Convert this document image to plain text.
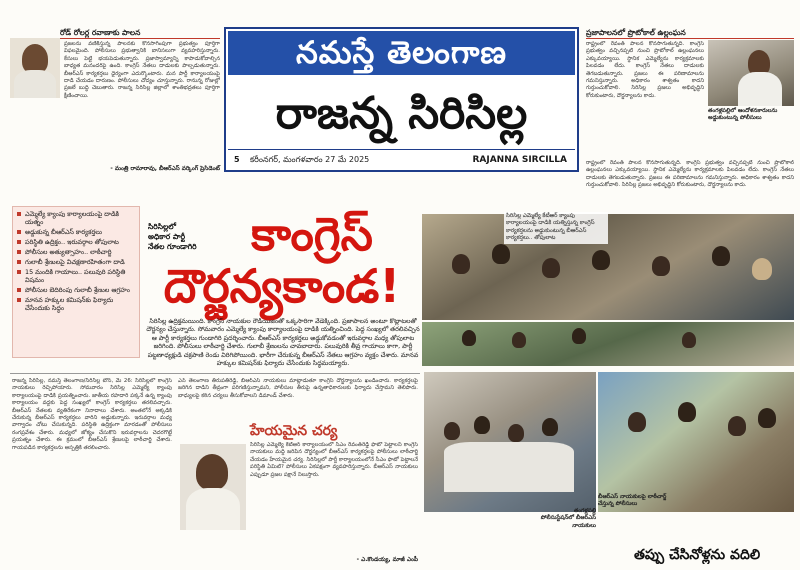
రోడ్ రోలర్ల రవాణాకు పాలన

ప్రజలను వణికిస్తున్న పాలనకు కొనసాగింపుగా ప్రభుత్వం పూర్తిగా విఫలమైంది. పోలీసులు ప్రభుత్వానికి బానిసలుగా వ్యవహరిస్తున్నారు. కేసులు పెట్టి భయపెడుతున్నారు. ప్రజాస్వామ్యాన్ని కాపాడుకోవాల్సిన బాధ్యత మనందరిపై ఉంది. కాంగ్రెస్ నేతలు దాడులకు పాల్పడుతున్నారు. బీఆర్ఎస్ కార్యకర్తలు ధైర్యంగా ఎదుర్కొంటారు. మన పార్టీ కార్యాలయంపై దాడి చేయడం దారుణం. పోలీసులు చోద్యం చూస్తున్నారు. రానున్న రోజుల్లో ప్రజలే బుద్ధి చెబుతారు. రాజన్న సిరిసిల్ల జిల్లాలో శాంతిభద్రతలు పూర్తిగా క్షీణించాయి.

- మంత్రి రామారావు, బీఆర్ఎస్ వర్కింగ్ ప్రెసిడెంట్
నమస్తే తెలంగాణ
రాజన్న సిరిసిల్ల
5 కరీంనగర్, మంగళవారం 27 మే 2025	RAJANNA SIRCILLA
ప్రజాపాలనలో ప్రొటోకాల్ ఉల్లంఘన

రాష్ట్రంలో రేవంత్ పాలన కొనసాగుతున్నది. కాంగ్రెస్ ప్రభుత్వం వచ్చినప్పటి నుంచి ప్రొటోకాల్ ఉల్లంఘనలు ఎక్కువయ్యాయి. స్థానిక ఎమ్మెల్యేను కార్యక్రమాలకు పిలవడం లేదు. కాంగ్రెస్ నేతలు దాడులకు తెగబడుతున్నారు. ప్రజలు ఈ పరిణామాలను గమనిస్తున్నారు. అధికారం శాశ్వతం కాదని గుర్తుంచుకోవాలి. సిరిసిల్ల ప్రజలు అభివృద్ధిని కోరుకుంటారు, దౌర్జన్యాలను కాదు.

తంగళ్లపల్లిలో ఆందోళనకారులను అడ్డుకుంటున్న పోలీసులు

రాష్ట్రంలో రేవంత్ పాలన కొనసాగుతున్నది. కాంగ్రెస్ ప్రభుత్వం వచ్చినప్పటి నుంచి ప్రొటోకాల్ ఉల్లంఘనలు ఎక్కువయ్యాయి. స్థానిక ఎమ్మెల్యేను కార్యక్రమాలకు పిలవడం లేదు. కాంగ్రెస్ నేతలు దాడులకు తెగబడుతున్నారు. ప్రజలు ఈ పరిణామాలను గమనిస్తున్నారు. అధికారం శాశ్వతం కాదని గుర్తుంచుకోవాలి. సిరిసిల్ల ప్రజలు అభివృద్ధిని కోరుకుంటారు, దౌర్జన్యాలను కాదు.

ఎమ్మెల్యే క్యాంపు కార్యాలయంపై దాడికి యత్నం
అడ్డుకున్న బీఆర్ఎస్ కార్యకర్తలు
పరిస్థితి ఉద్రిక్తం.. ఇరువర్గాల తోపులాట
పోలీసుల అత్యుత్సాహం.. లాఠీచార్జి
గులాబీ శ్రేణులపై విచక్షణారహితంగా దాడి
15 మందికి గాయాలు.. పలువురి పరిస్థితి విషమం
పోలీసుల బెదిరింపు గులాబీ శ్రేణుల ఆగ్రహం
మానవ హక్కుల కమిషన్‌కు ఫిర్యాదు చేసేందుకు సిద్ధం
సిరిసిల్లలో
అధికార పార్టీ
నేతల గూండాగిరి	కాంగ్రెస్
దౌర్జన్యకాండ!
సిరిసిల్ల ఎమ్మెల్యే కేటీఆర్ క్యాంపు కార్యాలయంపై దాడికి యత్నిస్తున్న కాంగ్రెస్ కార్యకర్తలను అడ్డుకుంటున్న బీఆర్ఎస్ కార్యకర్తలు.. తోపులాట
సిరిసిల్ల ఉద్రిక్తమయింది. కాంగ్రెస్ నాయకుల రౌడీయిజంతో ఒక్కసారిగా వేడెక్కింది. ప్రజాపాలన అంటూ కొట్లాటలతో దౌర్జన్యం చేస్తున్నారు. సోమవారం ఎమ్మెల్యే క్యాంపు కార్యాలయంపై దాడికి యత్నించింది. పెద్ద సంఖ్యలో తరలివచ్చిన ఆ పార్టీ కార్యకర్తలు గుండాగిరి ప్రదర్శించారు. బీఆర్ఎస్ కార్యకర్తలు అడ్డుకోవడంతో ఇరువర్గాల మధ్య తోపులాట జరిగింది. పోలీసులు లాఠీచార్జి చేశారు. గులాబీ శ్రేణులను చావబాదారు. పలువురికి తీవ్ర గాయాలు కాగా, పార్టీ పట్టణాధ్యక్షుడి చక్రపాణి రెండు విరిగిపోయింది. భారీగా చేరుకున్న బీఆర్ఎస్ నేతలు ఆగ్రహం వ్యక్తం చేశారు. మానవ హక్కుల కమిషన్‌కు ఫిర్యాదు చేసేందుకు సిద్ధమయ్యారు.

రాజన్న సిరిసిల్ల, నమస్తే తెలంగాణ/సిరిసిల్ల టౌన్, మే 26: సిరిసిల్లలో కాంగ్రెస్ నాయకులు రెచ్చిపోయారు. సోమవారం సిరిసిల్ల ఎమ్మెల్యే క్యాంపు కార్యాలయంపై దాడికి ప్రయత్నించారు. జాతీయ రహదారి పక్కనే ఉన్న క్యాంపు కార్యాలయం వద్దకు పెద్ద సంఖ్యలో కాంగ్రెస్ కార్యకర్తలు తరలివచ్చారు. బీఆర్ఎస్ నేతలకు వ్యతిరేకంగా నినాదాలు చేశారు. అంతలోనే అక్కడికి చేరుకున్న బీఆర్ఎస్ కార్యకర్తలు వారిని అడ్డుకున్నారు. ఇరువర్గాల మధ్య వాగ్వాదం చోటు చేసుకున్నది. పరిస్థితి ఉద్రిక్తంగా మారడంతో పోలీసులు రంగప్రవేశం చేశారు. మధ్యలో జోక్యం చేసుకొని ఇరువర్గాలను చెదరగొట్టే ప్రయత్నం చేశారు. ఈ క్రమంలో బీఆర్ఎస్ శ్రేణులపై లాఠీచార్జి చేశారు. గాయపడిన కార్యకర్తలను ఆస్పత్రికి తరలించారు.

ఎన్ తెలంగాణ తిరుపతిరెడ్డి, బీఆర్ఎస్ నాయకులు మాట్లాడుతూ కాంగ్రెస్ దౌర్జన్యాలను ఖండించారు. కార్యకర్తలపై జరిగిన దాడిని తీవ్రంగా పరిగణిస్తున్నామని, పోలీసుల తీరుపై ఉన్నతాధికారులకు ఫిర్యాదు చేస్తామని తెలిపారు. బాధ్యులపై కఠిన చర్యలు తీసుకోవాలని డిమాండ్ చేశారు.

హేయమైన చర్య

సిరిసిల్ల ఎమ్మెల్యే కేటీఆర్ కార్యాలయంలో సీఎం రేవంత్‌రెడ్డి ఫొటో పెట్టాలని కాంగ్రెస్ నాయకులు మద్ది జరిపిన దౌర్జన్యంలో బీఆర్ఎస్ కార్యకర్తలపై పోలీసులు లాఠీచార్జి చేయడం హేయమైన చర్య. సిరిసిల్లలో పార్టీ కార్యాలయంలోనే సీఎం ఫొటో పెట్టాలనే పరిస్థితి ఏమిటి? పోలీసులు ఏకపక్షంగా వ్యవహరిస్తున్నారు. బీఆర్ఎస్ నాయకులు ఎప్పుడూ ప్రజల పక్షానే నిలుస్తారు.

- ఎ.కొండయ్య, మాజీ ఎంపీ
తంగళ్లపల్లి పోలీసుస్టేషన్‌లో బీఆర్ఎస్ నాయకులు
బీఆర్ఎస్ నాయకులపై లాఠీచార్జ్ చేస్తున్న పోలీసులు
తప్పు చేసినోళ్లను వదిలి
